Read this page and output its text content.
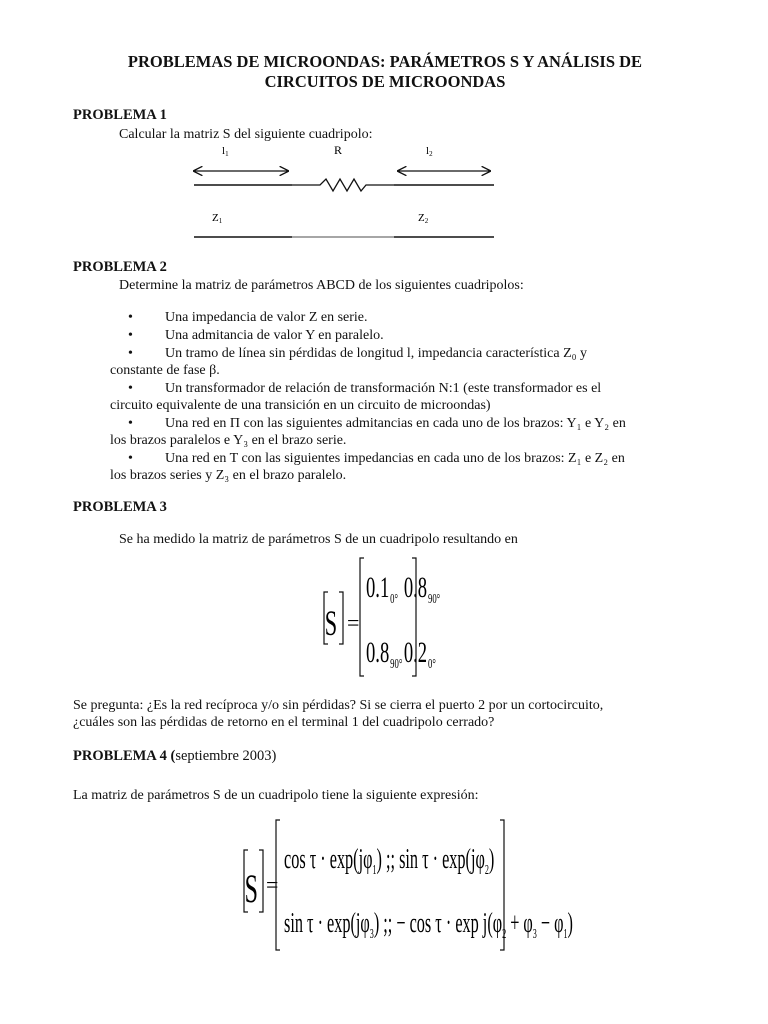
PROBLEMAS DE MICROONDAS: PARÁMETROS S Y ANÁLISIS DE
CIRCUITOS DE MICROONDAS
PROBLEMA 1
Calcular la matriz S del siguiente cuadripolo:
l1	R	l2
Z1	Z2
PROBLEMA 2
Determine la matriz de parámetros ABCD de los siguientes cuadripolos:
•	Una impedancia de valor Z en serie.
•	Una admitancia de valor Y en paralelo.
•	Un tramo de línea sin pérdidas de longitud l, impedancia característica Z₀ y
constante de fase β.
•	Un transformador de relación de transformación N:1 (este transformador es el
circuito equivalente de una transición en un circuito de microondas)
•	Una red en Π con las siguientes admitancias en cada uno de los brazos: Y₁ e Y₂ en
los brazos paralelos e Y₃ en el brazo serie.
•	Una red en T con las siguientes impedancias en cada uno de los brazos: Z₁ e Z₂ en
los brazos series y Z₃ en el brazo paralelo.
PROBLEMA 3
Se ha medido la matriz de parámetros S de un cuadripolo resultando en
S =
0.1 0° 0.8 90°
0.8 90° 0.2 0°
Se pregunta: ¿Es la red recíproca y/o sin pérdidas? Si se cierra el puerto 2 por un cortocircuito,
¿cuáles son las pérdidas de retorno en el terminal 1 del cuadripolo cerrado?
PROBLEMA 4 (septiembre 2003)
La matriz de parámetros S de un cuadripolo tiene la siguiente expresión:
S =
$\cos \tau \cdot \exp(j\varphi_1)$ ;; $\sin \tau \cdot \exp(j\varphi_2)$
$\sin \tau \cdot \exp(j\varphi_3)$ ;; − $\cos \tau \cdot \exp j(\varphi_2 + \varphi_3 - \varphi_1)$
